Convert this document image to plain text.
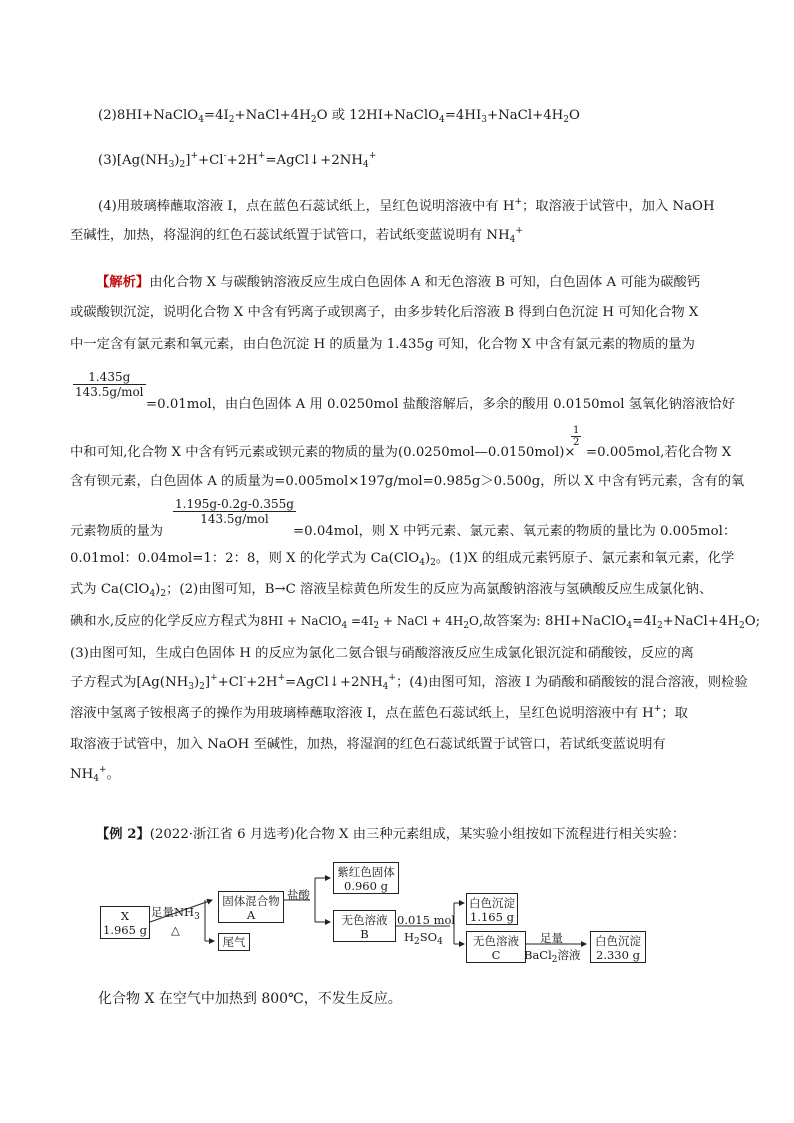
$(2)8HI+NaClO_4=4I_2+NaCl+4H_2O$ 或 $12HI+NaClO_4=4HI_3+NaCl+4H_2O$
$(3)[Ag(NH_3)_2]^++Cl^-+2H^+=AgCl↓+2NH_4^+$
(4)用玻璃棒蘸取溶液 I，点在蓝色石蕊试纸上，呈红色说明溶液中有 H+；取溶液于试管中，加入 NaOH
至碱性，加热，将湿润的红色石蕊试纸置于试管口，若试纸变蓝说明有 $NH_4^+$
【解析】由化合物 X 与碳酸钠溶液反应生成白色固体 A 和无色溶液 B 可知，白色固体 A 可能为碳酸钙
或碳酸钡沉淀，说明化合物 X 中含有钙离子或钡离子，由多步转化后溶液 B 得到白色沉淀 H 可知化合物 X
中一定含有氯元素和氧元素，由白色沉淀 H 的质量为 1.435g 可知，化合物 X 中含有氯元素的物质的量为
1.435g
143.5g/mol
=0.01mol，由白色固体 A 用 0.0250mol 盐酸溶解后，多余的酸用 0.0150mol 氢氧化钠溶液恰好
中和可知,化合物 X 中含有钙元素或钡元素的物质的量为(0.0250mol—0.0150mol)×
$\frac{1}{2}$
=0.005mol,若化合物 X
含有钡元素，白色固体 A 的质量为=0.005mol×197g/mol=0.985g＞0.500g，所以 X 中含有钙元素，含有的氧
元素物质的量为
1.195g-0.2g-0.355g
143.5g/mol
=0.04mol，则 X 中钙元素、氯元素、氧元素的物质的量比为 0.005mol：
0.01mol：0.04mol=1：2：8，则 X 的化学式为 $Ca(ClO_4)_2$。(1)X 的组成元素钙原子、氯元素和氧元素，化学
式为 $Ca(ClO_4)_2$；(2)由图可知，B→C 溶液呈棕黄色所发生的反应为高氯酸钠溶液与氢碘酸反应生成氯化钠、
碘和水,反应的化学反应方程式为8HI + NaClO$_4$ $=4I_2$ + NaCl + $4H_2O$,故答案为: $8HI+NaClO_4=4I_2+NaCl+4H_2O$;
(3)由图可知，生成白色固体 H 的反应为氯化二氨合银与硝酸溶液反应生成氯化银沉淀和硝酸铵，反应的离
子方程式为$[Ag(NH_3)_2]^++Cl^-+2H^+=AgCl↓+2NH_4^+$；(4)由图可知，溶液 I 为硝酸和硝酸铵的混合溶液，则检验
溶液中氢离子铵根离子的操作为用玻璃棒蘸取溶液 I，点在蓝色石蕊试纸上，呈红色说明溶液中有 H+；取
取溶液于试管中，加入 NaOH 至碱性，加热，将湿润的红色石蕊试纸置于试管口，若试纸变蓝说明有
$NH_4^+$。
【例 2】(2022·浙江省 6 月选考)化合物 X 由三种元素组成，某实验小组按如下流程进行相关实验：
X
1.965 g
足量$NH_3$
△
固体混合物
A
尾气
盐酸
紫红色固体
0.960 g
无色溶液
B
0.015 mol
$H_2SO_4$
白色沉淀
1.165 g
无色溶液
C
足量
BaCl$_2$溶液
白色沉淀
2.330 g
化合物 X 在空气中加热到 800℃，不发生反应。
